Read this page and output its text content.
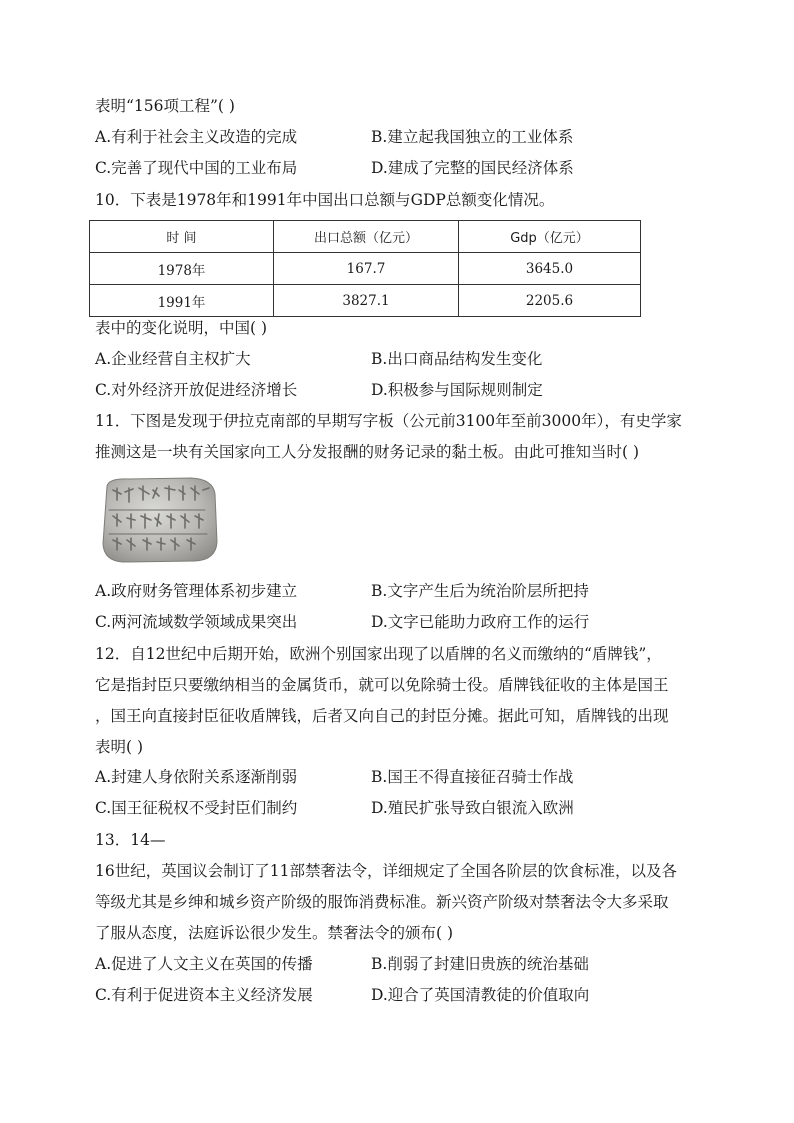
表明“156项工程”( )
A.有利于社会主义改造的完成	B.建立起我国独立的工业体系
C.完善了现代中国的工业布局	D.建成了完整的国民经济体系
10．下表是1978年和1991年中国出口总额与GDP总额变化情况。
时 间	出口总额（亿元）	Gdp（亿元）
1978年	167.7	3645.0
1991年	3827.1	2205.6
表中的变化说明，中国( )
A.企业经营自主权扩大	B.出口商品结构发生变化
C.对外经济开放促进经济增长	D.积极参与国际规则制定
11．下图是发现于伊拉克南部的早期写字板（公元前3100年至前3000年），有史学家
推测这是一块有关国家向工人分发报酬的财务记录的黏土板。由此可推知当时( )
A.政府财务管理体系初步建立	B.文字产生后为统治阶层所把持
C.两河流域数学领域成果突出	D.文字已能助力政府工作的运行
12．自12世纪中后期开始，欧洲个别国家出现了以盾牌的名义而缴纳的“盾牌钱”，
它是指封臣只要缴纳相当的金属货币，就可以免除骑士役。盾牌钱征收的主体是国王
，国王向直接封臣征收盾牌钱，后者又向自己的封臣分摊。据此可知，盾牌钱的出现
表明( )
A.封建人身依附关系逐渐削弱	B.国王不得直接征召骑士作战
C.国王征税权不受封臣们制约	D.殖民扩张导致白银流入欧洲
13．14—
16世纪，英国议会制订了11部禁奢法令，详细规定了全国各阶层的饮食标准，以及各
等级尤其是乡绅和城乡资产阶级的服饰消费标准。新兴资产阶级对禁奢法令大多采取
了服从态度，法庭诉讼很少发生。禁奢法令的颁布( )
A.促进了人文主义在英国的传播	B.削弱了封建旧贵族的统治基础
C.有利于促进资本主义经济发展	D.迎合了英国清教徒的价值取向
